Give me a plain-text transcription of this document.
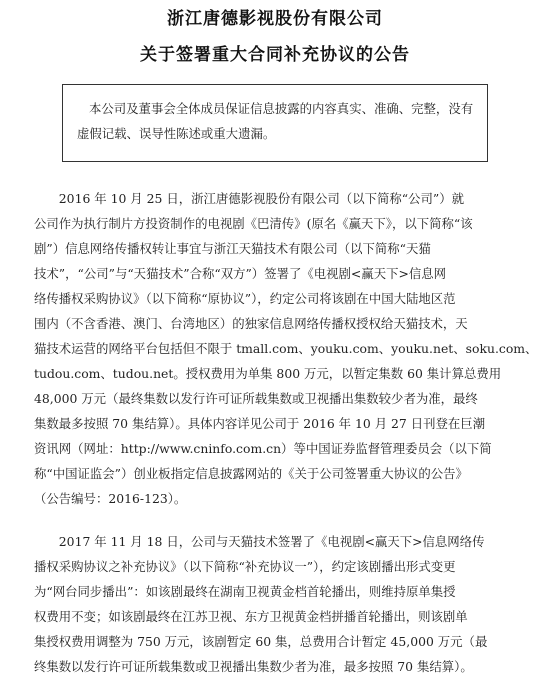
浙江唐德影视股份有限公司
关于签署重大合同补充协议的公告
本公司及董事会全体成员保证信息披露的内容真实、准确、完整，没有
虚假记载、误导性陈述或重大遗漏。
2016 年 10 月 25 日，浙江唐德影视股份有限公司（以下简称“公司”）就
公司作为执行制片方投资制作的电视剧《巴清传》(原名《赢天下》，以下简称“该
剧”）信息网络传播权转让事宜与浙江天猫技术有限公司（以下简称“天猫
技术”，“公司”与“天猫技术”合称“双方”）签署了《电视剧<赢天下>信息网
络传播权采购协议》（以下简称“原协议”），约定公司将该剧在中国大陆地区范
围内（不含香港、澳门、台湾地区）的独家信息网络传播权授权给天猫技术，天
猫技术运营的网络平台包括但不限于 tmall.com、youku.com、youku.net、soku.com、
tudou.com、tudou.net。授权费用为单集 800 万元，以暂定集数 60 集计算总费用
48,000 万元（最终集数以发行许可证所载集数或卫视播出集数较少者为准，最终
集数最多按照 70 集结算）。具体内容详见公司于 2016 年 10 月 27 日刊登在巨潮
资讯网（网址：http://www.cninfo.com.cn）等中国证券监督管理委员会（以下简
称“中国证监会”）创业板指定信息披露网站的《关于公司签署重大协议的公告》
（公告编号：2016-123）。
2017 年 11 月 18 日，公司与天猫技术签署了《电视剧<赢天下>信息网络传
播权采购协议之补充协议》（以下简称“补充协议一”），约定该剧播出形式变更
为“网台同步播出”：如该剧最终在湖南卫视黄金档首轮播出，则维持原单集授
权费用不变；如该剧最终在江苏卫视、东方卫视黄金档拼播首轮播出，则该剧单
集授权费用调整为 750 万元，该剧暂定 60 集，总费用合计暂定 45,000 万元（最
终集数以发行许可证所载集数或卫视播出集数少者为准，最多按照 70 集结算）。
